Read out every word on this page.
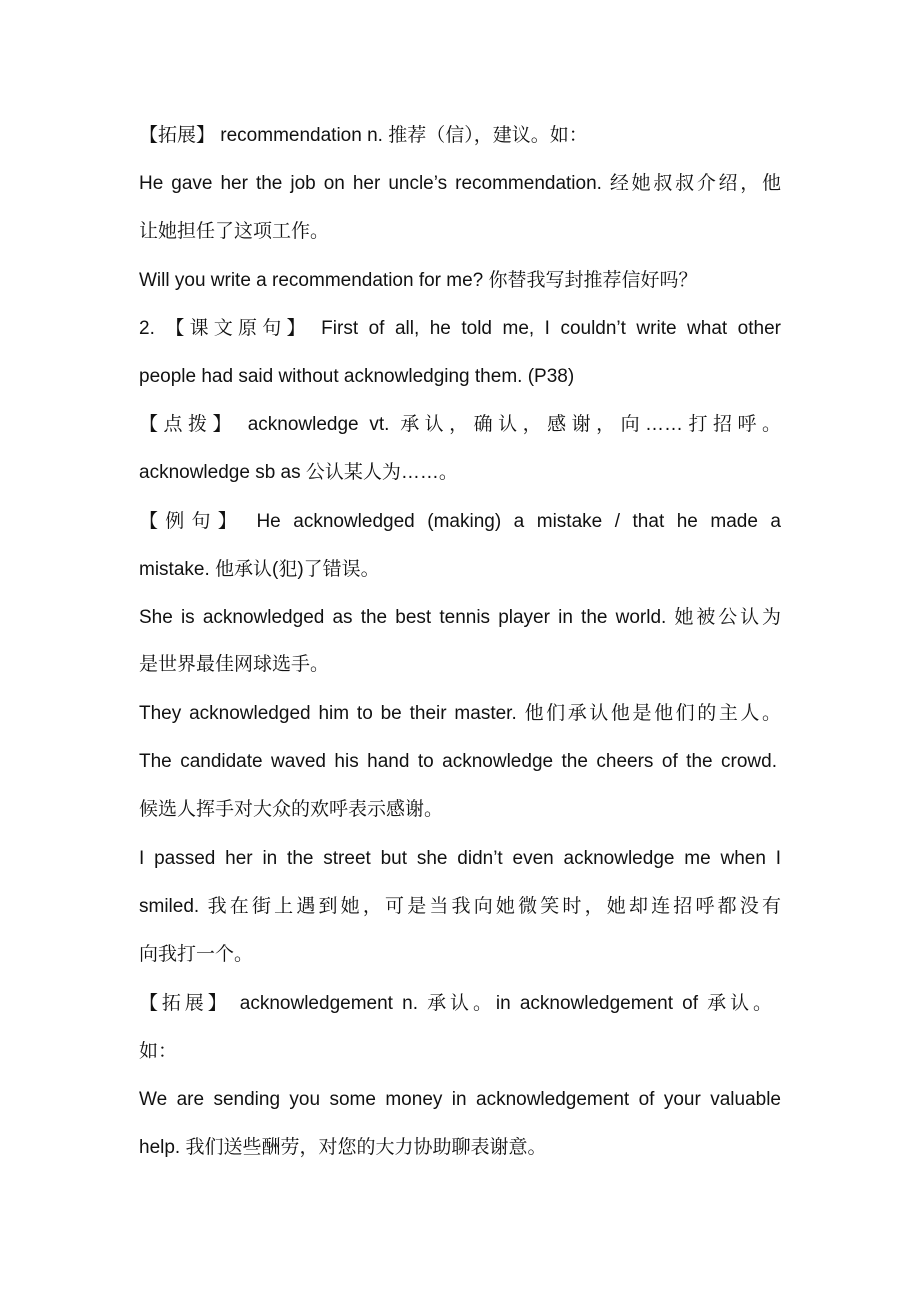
【拓展】 recommendation n. 推荐（信），建议。如：
He gave her the job on her uncle’s recommendation. 经她叔叔介绍，他
让她担任了这项工作。
Will you write a recommendation for me? 你替我写封推荐信好吗？
2. 【课文原句】 First of all, he told me, I couldn’t write what other
people had said without acknowledging them. (P38)
【点拨】 acknowledge vt. 承认，确认，感谢，向……打招呼。
acknowledge sb as 公认某人为……。
【例句】 He acknowledged (making) a mistake / that he made a
mistake. 他承认(犯)了错误。
She is acknowledged as the best tennis player in the world. 她被公认为
是世界最佳网球选手。
They acknowledged him to be their master. 他们承认他是他们的主人。
The candidate waved his hand to acknowledge the cheers of the crowd.
候选人挥手对大众的欢呼表示感谢。
I passed her in the street but she didn’t even acknowledge me when I
smiled. 我在街上遇到她，可是当我向她微笑时，她却连招呼都没有
向我打一个。
【拓展】 acknowledgement n. 承认。in acknowledgement of 承认。
如：
We are sending you some money in acknowledgement of your valuable
help. 我们送些酬劳，对您的大力协助聊表谢意。
